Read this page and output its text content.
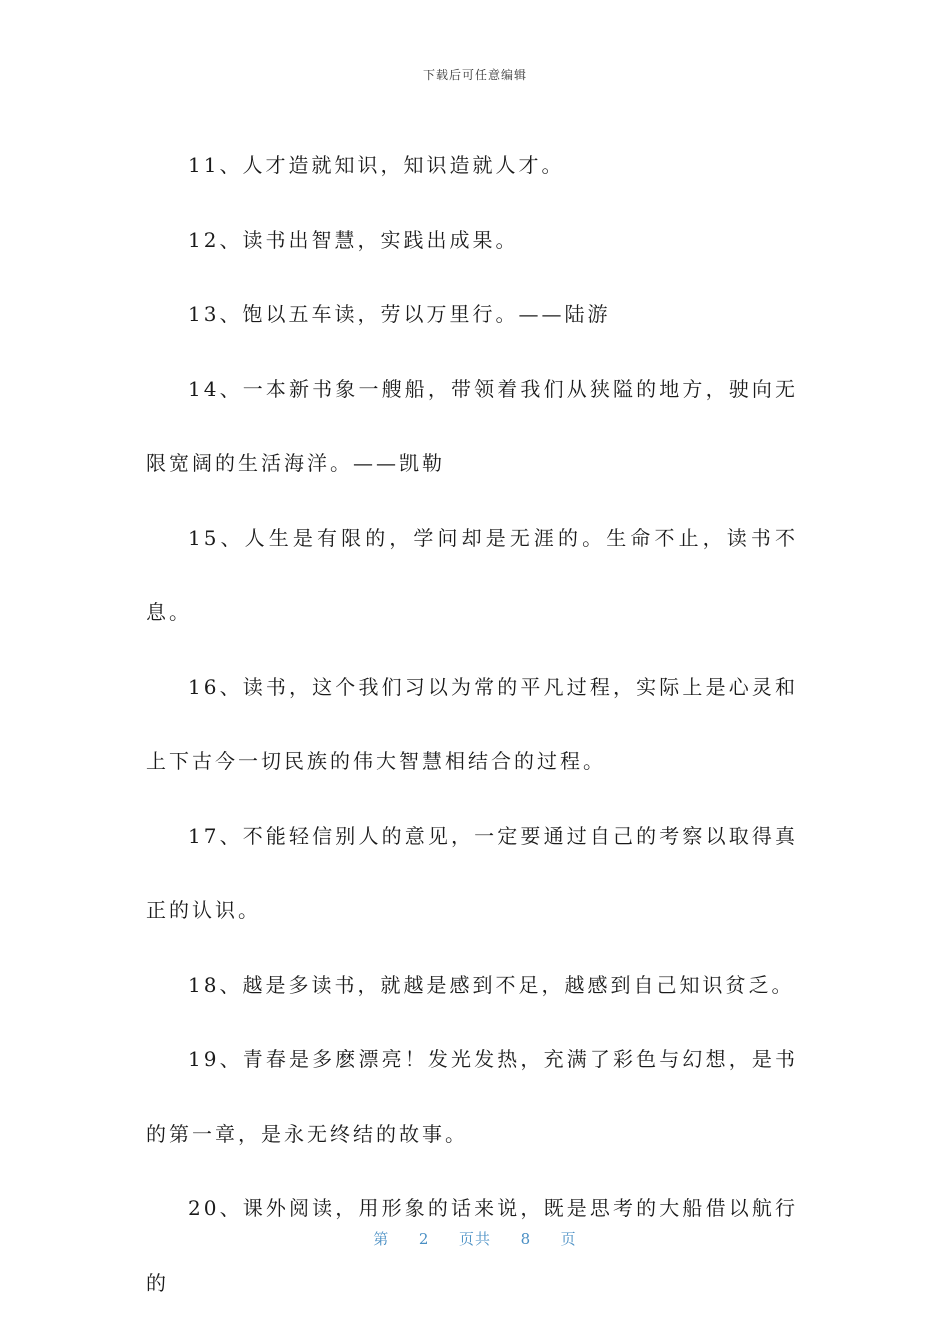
下载后可任意编辑

11、人才造就知识，知识造就人才。

12、读书出智慧，实践出成果。

13、饱以五车读，劳以万里行。——陆游

14、一本新书象一艘船，带领着我们从狭隘的地方，驶向无限宽阔的生活海洋。——凯勒

15、人生是有限的，学问却是无涯的。生命不止，读书不息。

16、读书，这个我们习以为常的平凡过程，实际上是心灵和上下古今一切民族的伟大智慧相结合的过程。

17、不能轻信别人的意见，一定要通过自己的考察以取得真正的认识。

18、越是多读书，就越是感到不足，越感到自己知识贫乏。

19、青春是多麽漂亮！发光发热，充满了彩色与幻想，是书的第一章，是永无终结的故事。

20、课外阅读，用形象的话来说，既是思考的大船借以航行的

第 2 页共 8 页
